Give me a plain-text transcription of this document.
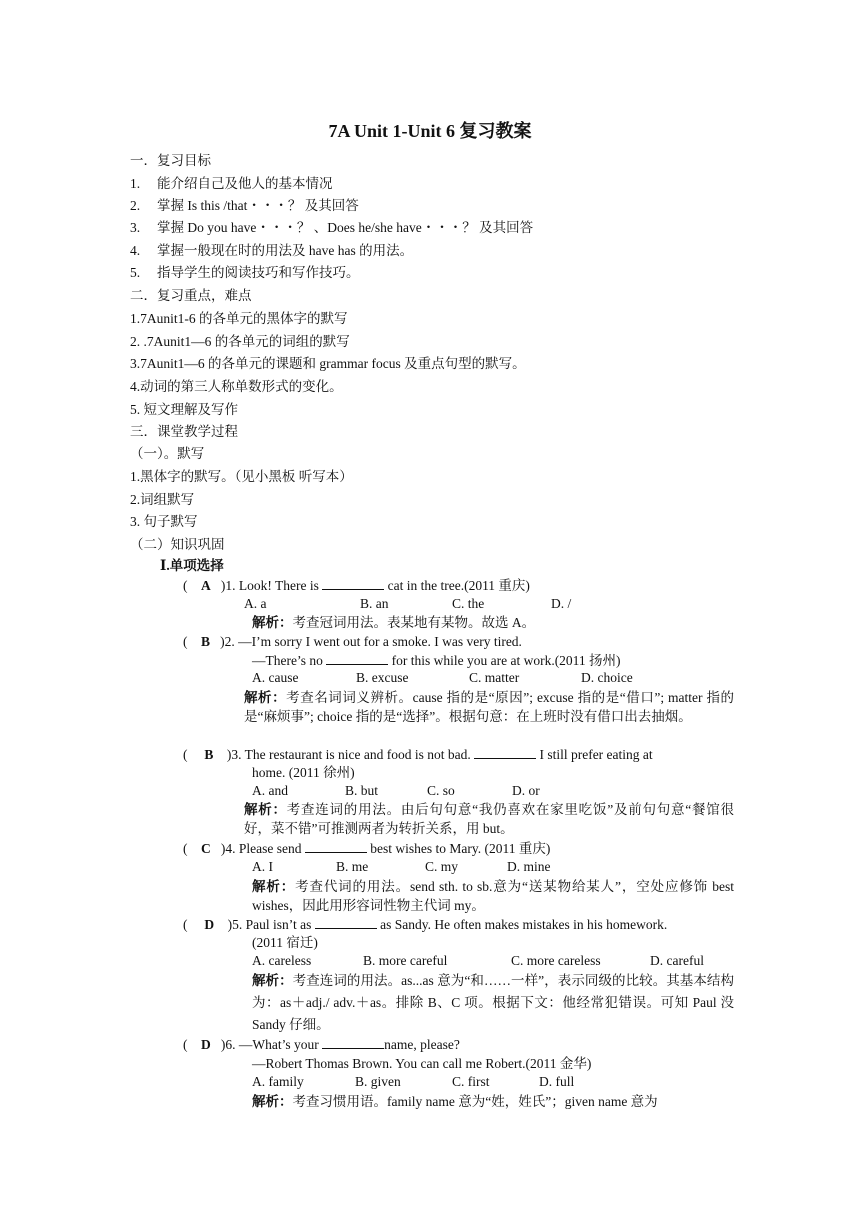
7A Unit 1-Unit 6 复习教案
一．复习目标
1. 能介绍自己及他人的基本情况
2. 掌握 Is this /that・・・？ 及其回答
3. 掌握 Do you have・・・？ 、Does he/she have・・・？ 及其回答
4. 掌握一般现在时的用法及 have has 的用法。
5. 指导学生的阅读技巧和写作技巧。
二．复习重点，难点
1.7Aunit1-6 的各单元的黑体字的默写
2. .7Aunit1—6 的各单元的词组的默写
3.7Aunit1—6 的各单元的课题和 grammar focus 及重点句型的默写。
4.动词的第三人称单数形式的变化。
5. 短文理解及写作
三．课堂教学过程
（一）。默写
1.黑体字的默写。（见小黑板 听写本）
2.词组默写
3. 句子默写
（二）知识巩固
Ⅰ.单项选择
(    A )1. Look! There is	cat in the tree.(2011 重庆)
A. a	B. an	C. the	D. /
解析：考查冠词用法。表某地有某物。故选 A。
(    B )2. —I’m sorry I went out for a smoke. I was very tired.
—There’s no	for this while you are at work.(2011 扬州)
A. cause	B. excuse	C. matter	D. choice
解析：考查名词词义辨析。cause 指的是“原因”; excuse 指的是“借口”; matter 指的是“麻烦事”; choice 指的是“选择”。根据句意：在上班时没有借口出去抽烟。
(     B )3. The restaurant is nice and food is not bad.	I still prefer eating at
home. (2011 徐州)
A. and	B. but	C. so	D. or
解析：考查连词的用法。由后句句意“我仍喜欢在家里吃饭”及前句句意“餐馆很好，菜不错”可推测两者为转折关系，用 but。
(    C )4. Please send	best wishes to Mary. (2011 重庆)
A. I	B. me	C. my	D. mine
解析：考查代词的用法。send sth. to sb.意为“送某物给某人”，空处应修饰 best wishes，因此用形容词性物主代词 my。
(     D )5. Paul isn’t as	as Sandy. He often makes mistakes in his homework.
(2011 宿迁)
A. careless	B. more careful	C. more careless	D. careful
解析：考查连词的用法。as...as 意为“和……一样”，表示同级的比较。其基本结构为：as＋adj./ adv.＋as。排除 B、C 项。根据下文：他经常犯错误。可知 Paul 没 Sandy 仔细。
(    D )6. —What’s your	name, please?
—Robert Thomas Brown. You can call me Robert.(2011 金华)
A. family	B. given	C. first	D. full
解析：考查习惯用语。family name 意为“姓，姓氏”；given name 意为
